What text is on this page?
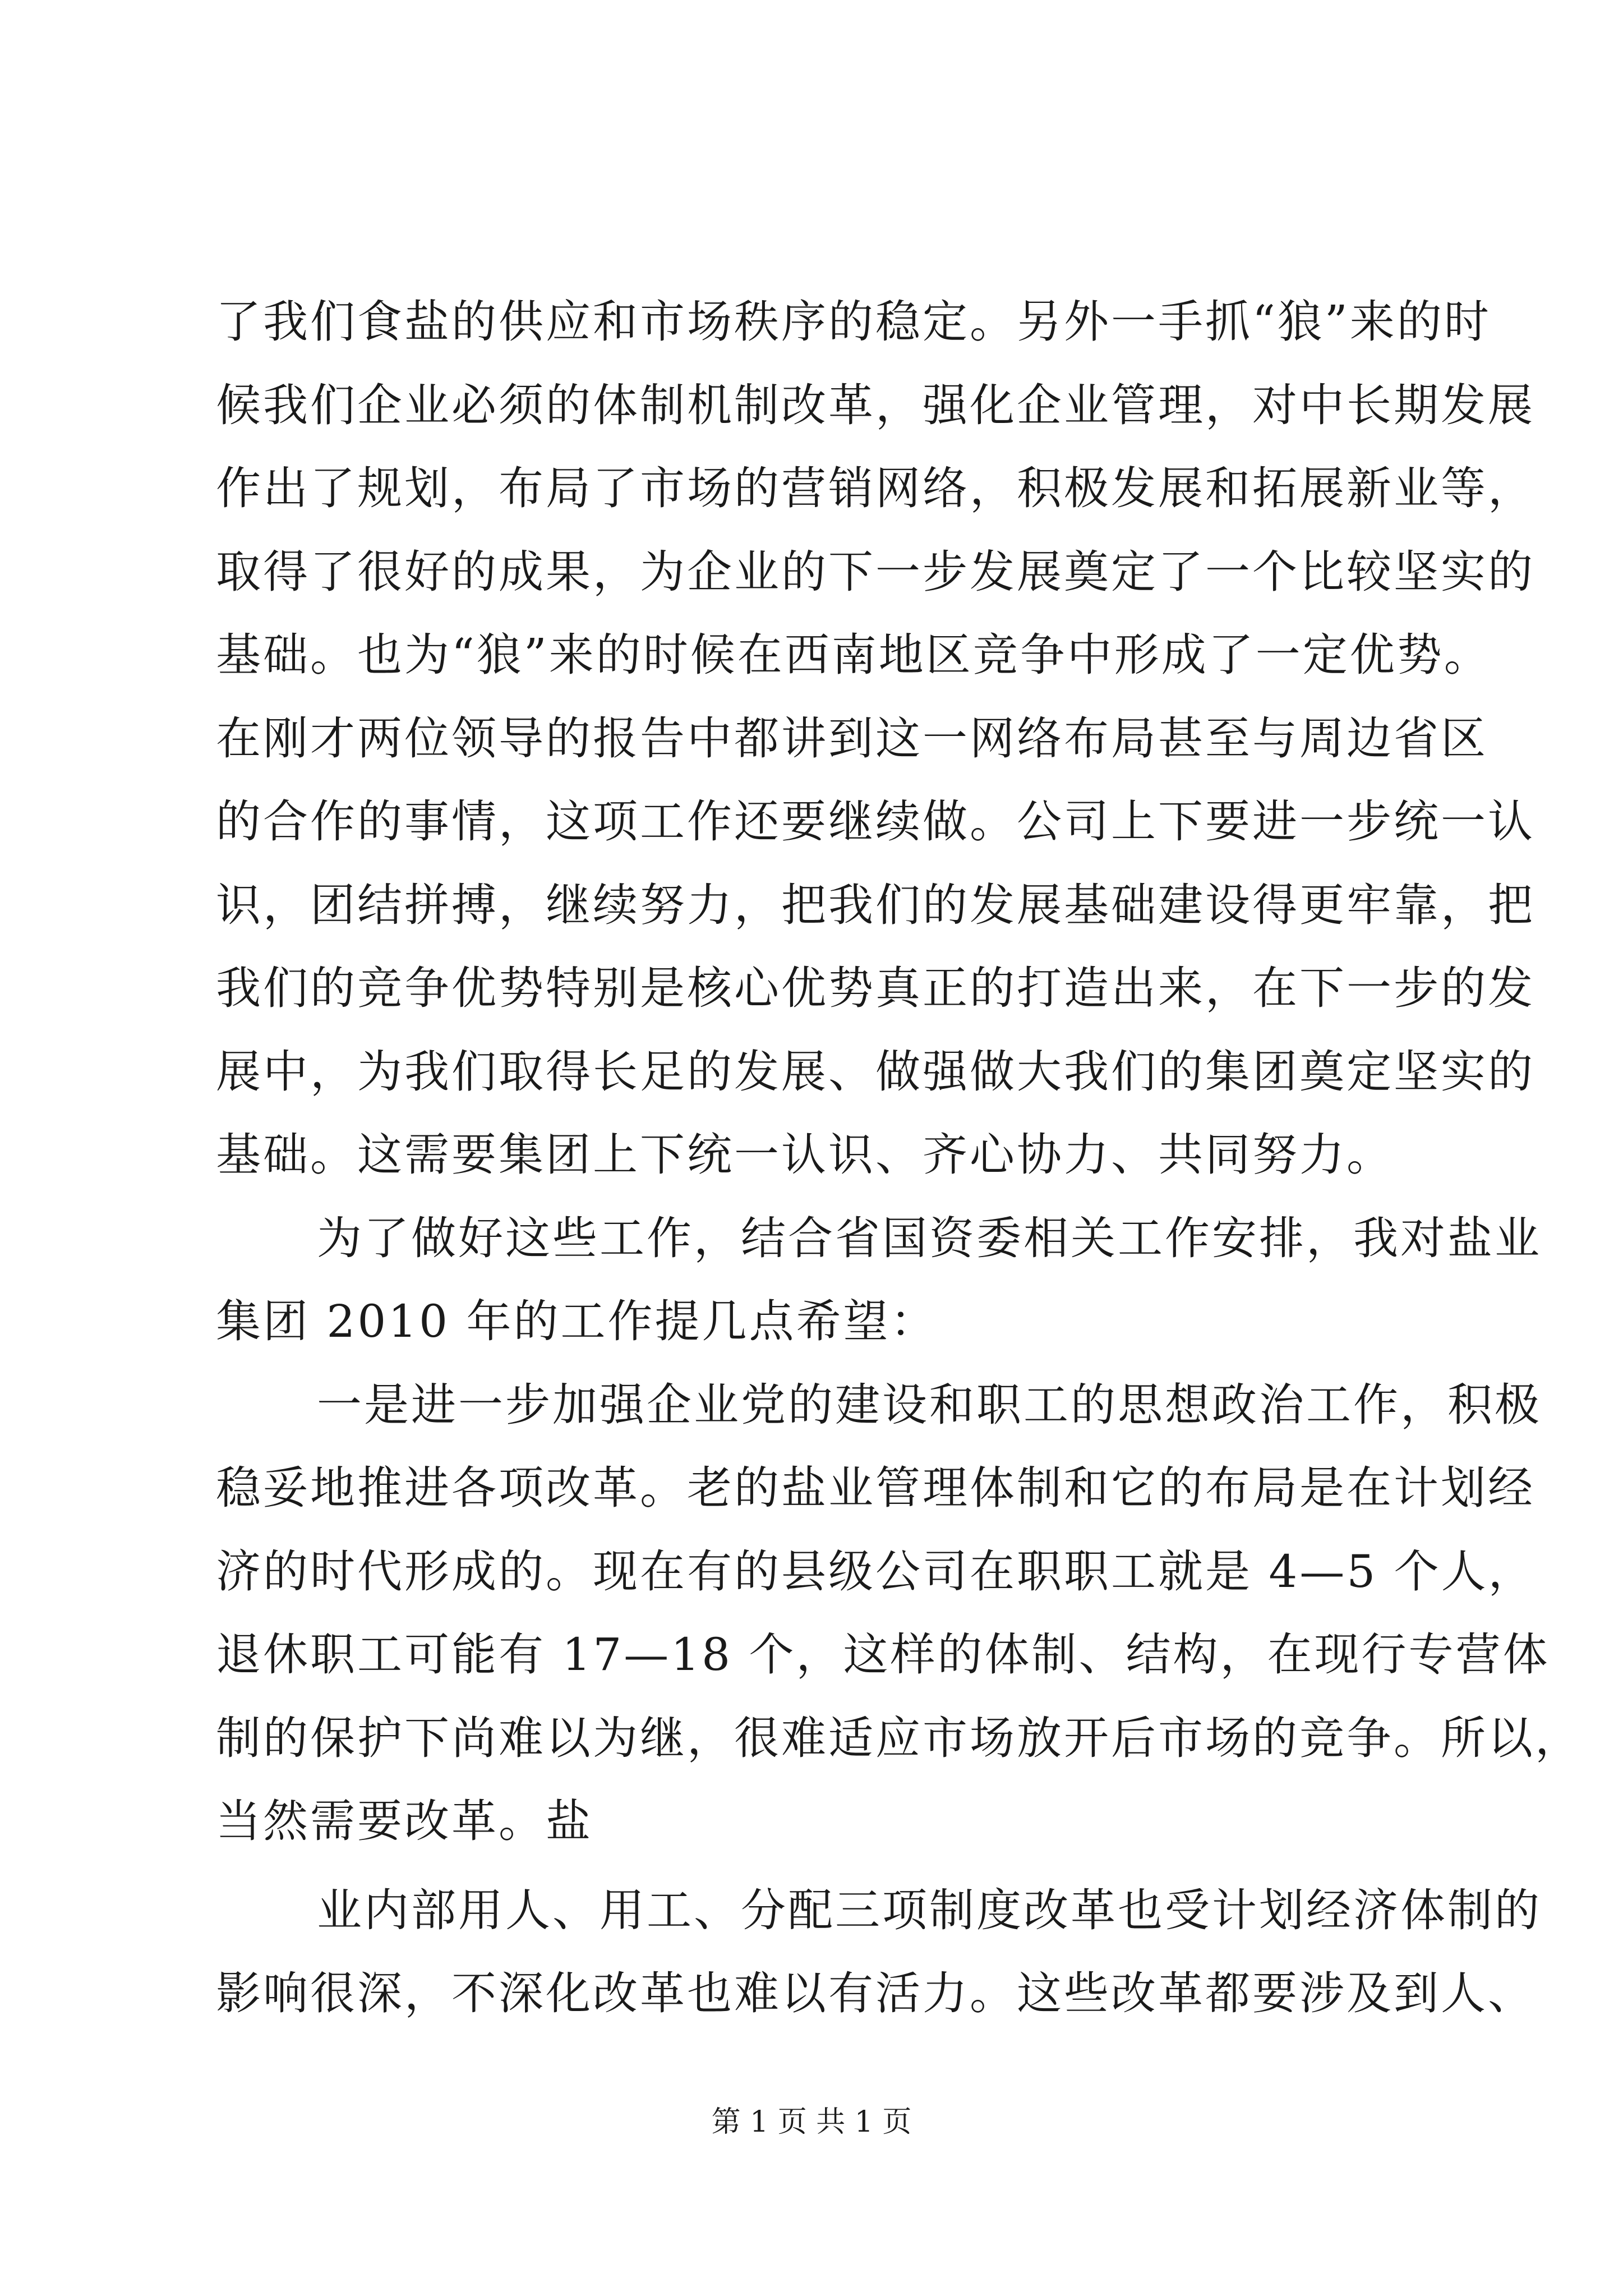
了我们食盐的供应和市场秩序的稳定。另外一手抓“狼”来的时
候我们企业必须的体制机制改革，强化企业管理，对中长期发展
作出了规划，布局了市场的营销网络，积极发展和拓展新业等，
取得了很好的成果，为企业的下一步发展奠定了一个比较坚实的
基础。也为“狼”来的时候在西南地区竞争中形成了一定优势。
在刚才两位领导的报告中都讲到这一网络布局甚至与周边省区
的合作的事情，这项工作还要继续做。公司上下要进一步统一认
识，团结拼搏，继续努力，把我们的发展基础建设得更牢靠，把
我们的竞争优势特别是核心优势真正的打造出来，在下一步的发
展中，为我们取得长足的发展、做强做大我们的集团奠定坚实的
基础。这需要集团上下统一认识、齐心协力、共同努力。
为了做好这些工作，结合省国资委相关工作安排，我对盐业
集团 2010 年的工作提几点希望：
一是进一步加强企业党的建设和职工的思想政治工作，积极
稳妥地推进各项改革。老的盐业管理体制和它的布局是在计划经
济的时代形成的。现在有的县级公司在职职工就是 4—5 个人，
退休职工可能有 17—18 个，这样的体制、结构，在现行专营体
制的保护下尚难以为继，很难适应市场放开后市场的竞争。所以，
当然需要改革。盐
业内部用人、用工、分配三项制度改革也受计划经济体制的
影响很深，不深化改革也难以有活力。这些改革都要涉及到人、
第 1 页 共 1 页
